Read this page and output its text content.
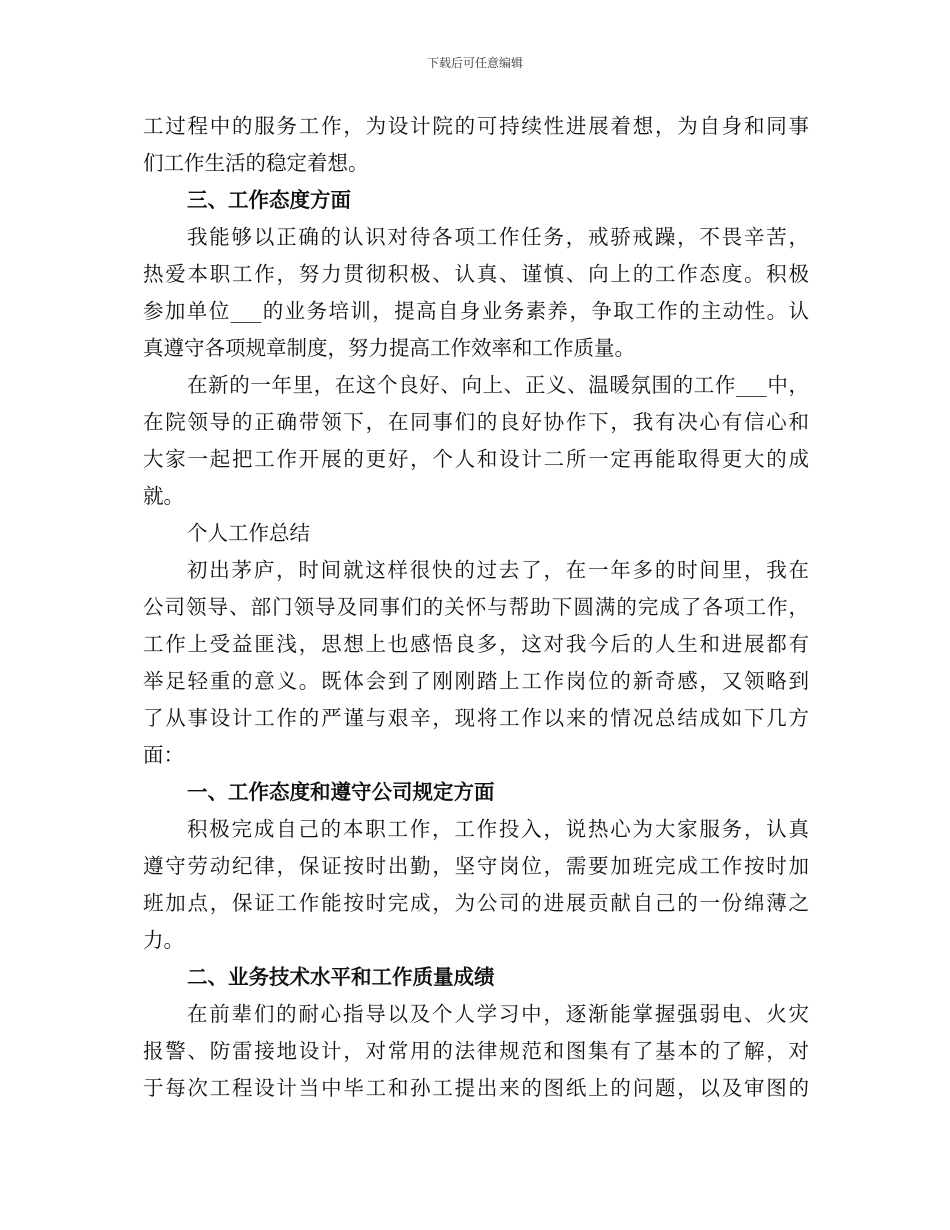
下载后可任意编辑
工过程中的服务工作，为设计院的可持续性进展着想，为自身和同事
们工作生活的稳定着想。
三、工作态度方面
我能够以正确的认识对待各项工作任务，戒骄戒躁，不畏辛苦，
热爱本职工作，努力贯彻积极、认真、谨慎、向上的工作态度。积极
参加单位___的业务培训，提高自身业务素养，争取工作的主动性。认
真遵守各项规章制度，努力提高工作效率和工作质量。
在新的一年里，在这个良好、向上、正义、温暖氛围的工作___中，
在院领导的正确带领下，在同事们的良好协作下，我有决心有信心和
大家一起把工作开展的更好，个人和设计二所一定再能取得更大的成
就。
个人工作总结
初出茅庐，时间就这样很快的过去了，在一年多的时间里，我在
公司领导、部门领导及同事们的关怀与帮助下圆满的完成了各项工作，
工作上受益匪浅，思想上也感悟良多，这对我今后的人生和进展都有
举足轻重的意义。既体会到了刚刚踏上工作岗位的新奇感，又领略到
了从事设计工作的严谨与艰辛，现将工作以来的情况总结成如下几方
面：
一、工作态度和遵守公司规定方面
积极完成自己的本职工作，工作投入，说热心为大家服务，认真
遵守劳动纪律，保证按时出勤，坚守岗位，需要加班完成工作按时加
班加点，保证工作能按时完成，为公司的进展贡献自己的一份绵薄之
力。
二、业务技术水平和工作质量成绩
在前辈们的耐心指导以及个人学习中，逐渐能掌握强弱电、火灾
报警、防雷接地设计，对常用的法律规范和图集有了基本的了解，对
于每次工程设计当中毕工和孙工提出来的图纸上的问题，以及审图的
